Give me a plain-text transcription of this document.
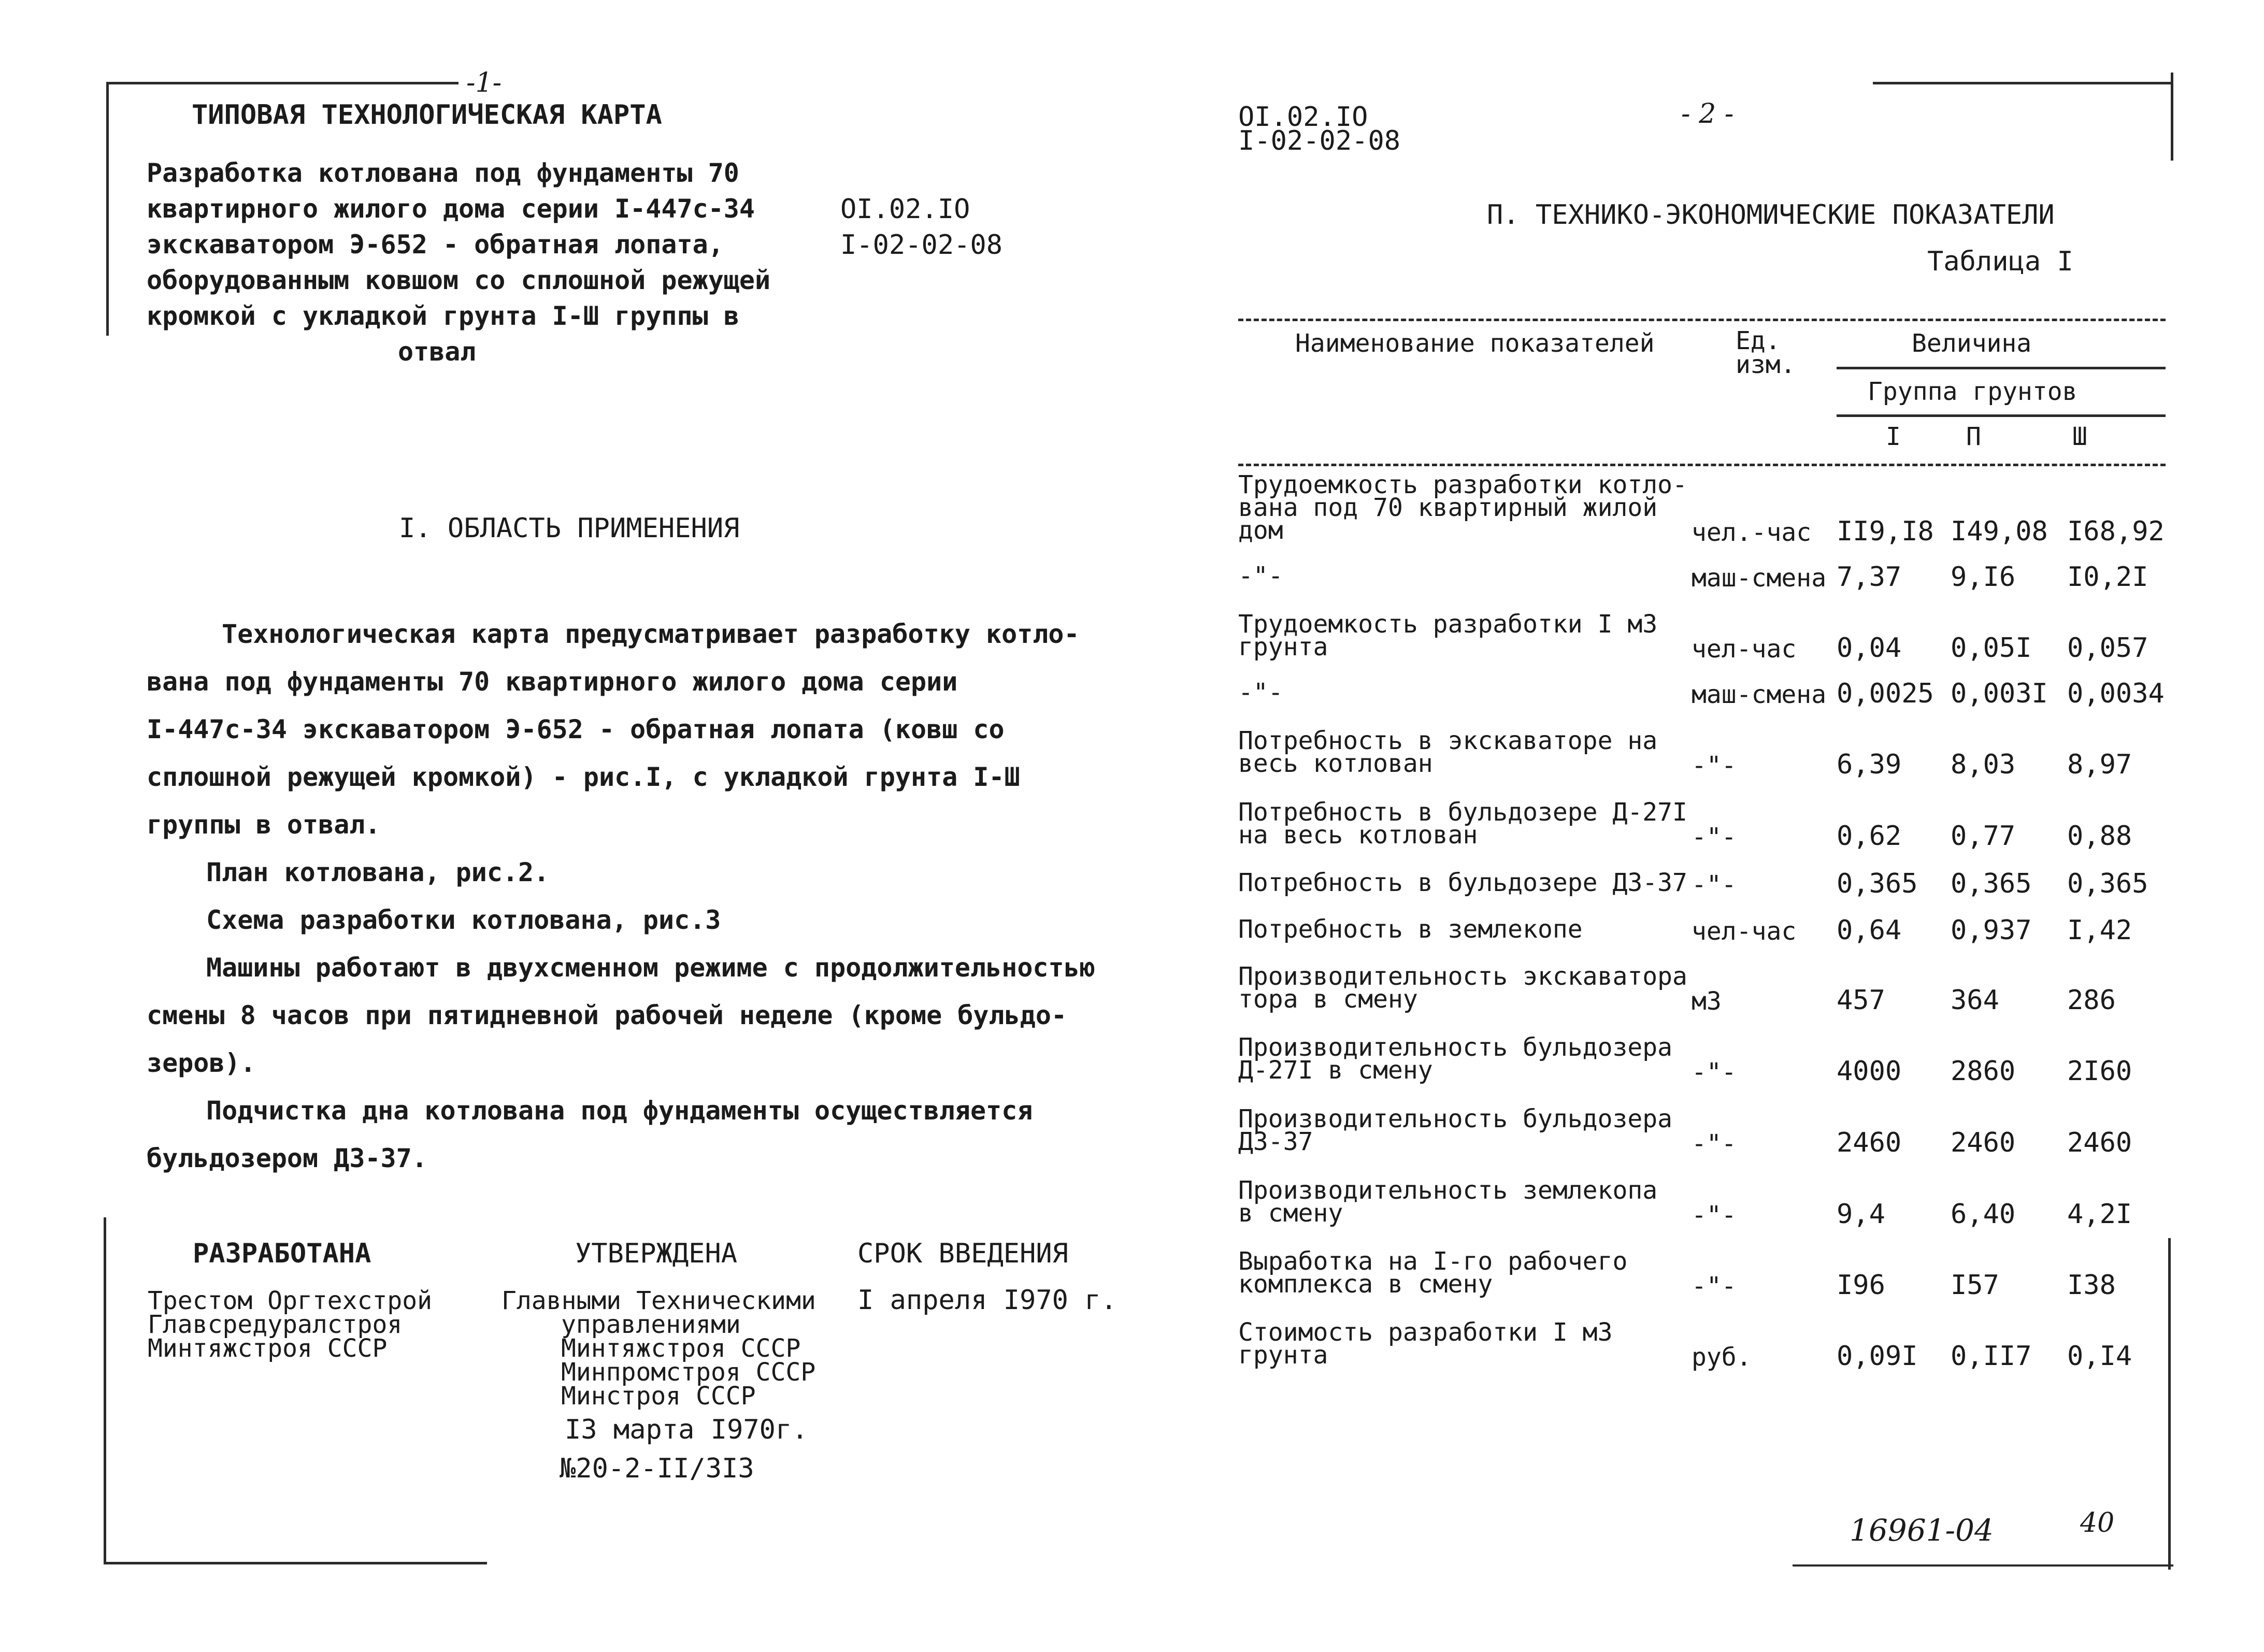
-1-
ТИПОВАЯ ТЕХНОЛОГИЧЕСКАЯ КАРТА
Разработка котлована под фундаменты 70
квартирного жилого дома серии I-447с-34
экскаватором Э-652 - обратная лопата,
оборудованным ковшом со сплошной режущей
кромкой с укладкой грунта I-Ш группы в
отвал
OI.02.IO
I-02-02-08
I. ОБЛАСТЬ ПРИМЕНЕНИЯ
Технологическая карта предусматривает разработку котло-
вана под фундаменты 70 квартирного жилого дома серии
I-447с-34 экскаватором Э-652 - обратная лопата (ковш со
сплошной режущей кромкой) - рис.I, с укладкой грунта I-Ш
группы в отвал.
План котлована, рис.2.
Схема разработки котлована, рис.3
Машины работают в двухсменном режиме с продолжительностью
смены 8 часов при пятидневной рабочей неделе (кроме бульдо-
зеров).
Подчистка дна котлована под фундаменты осуществляется
бульдозером ДЗ-37.
РАЗРАБОТАНА
Трестом Оргтехстрой
Главсредуралстроя
Минтяжстроя СССР
УТВЕРЖДЕНА
Главными Техническими
управлениями
Минтяжстроя СССР
Минпромстроя СССР
Минстроя СССР
I3 марта I970г.
№20-2-II/3I3
СРОК ВВЕДЕНИЯ
I апреля I970 г.
OI.02.IO
I-02-02-08
- 2 -
П. ТЕХНИКО-ЭКОНОМИЧЕСКИЕ ПОКАЗАТЕЛИ
Таблица I
Наименование показателей	Ед. изм.
Величина
Группа грунтов
I	П	Ш
Трудоемкость разработки котло-
вана под 70 квартирный жилой
дом	чел.-час II9,I8 I49,08 I68,92
-"-	маш-смена 7,37	9,I6	I0,2I
Трудоемкость разработки I м3
грунта	чел-час 0,04	0,05I	0,057
-"-	маш-смена 0,0025 0,003I 0,0034
Потребность в экскаваторе на
весь котлован	-"-	6,39	8,03	8,97
Потребность в бульдозере Д-27I
на весь котлован	-"-	0,62	0,77	0,88
Потребность в бульдозере ДЗ-37 -"-	0,365	0,365	0,365
Потребность в землекопе	чел-час 0,64	0,937	I,42
Производительность экскаватора
тора в смену	м3	457	364	286
Производительность бульдозера
Д-27I в смену	-"-	4000	2860	2I60
Производительность бульдозера
ДЗ-37	-"-	2460	2460	2460
Производительность землекопа
в смену	-"-	9,4	6,40	4,2I
Выработка на I-го рабочего
комплекса в смену	-"-	I96	I57	I38
Стоимость разработки I м3
грунта	руб.	0,09I	0,II7	0,I4
16961-04	40
